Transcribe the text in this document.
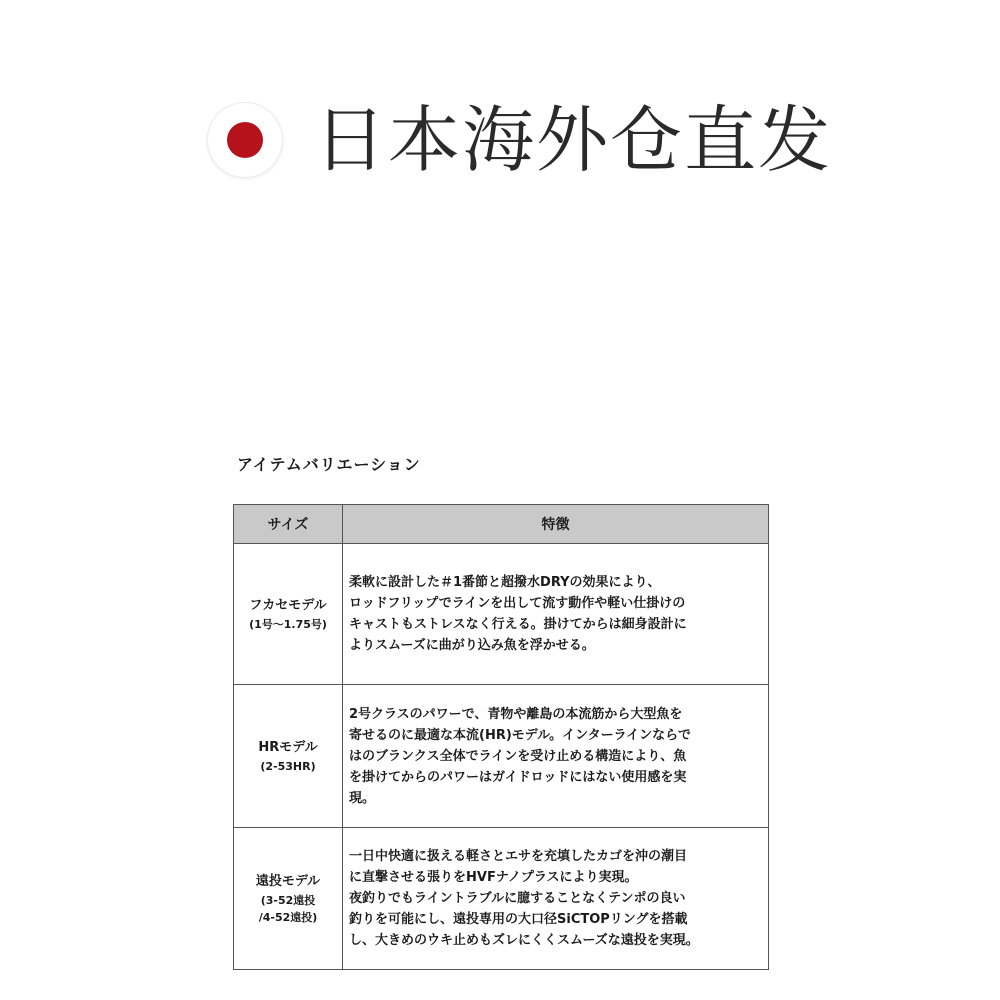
日本海外仓直发
アイテムバリエーション
サイズ	特徴

フカセモデル
(1号〜1.75号)	柔軟に設計した＃1番節と超撥水DRYの効果により、
ロッドフリップでラインを出して流す動作や軽い仕掛けの
キャストもストレスなく行える。掛けてからは細身設計に
よりスムーズに曲がり込み魚を浮かせる。

HRモデル
(2-53HR)	2号クラスのパワーで、青物や離島の本流筋から大型魚を
寄せるのに最適な本流(HR)モデル。インターラインならで
はのブランクス全体でラインを受け止める構造により、魚
を掛けてからのパワーはガイドロッドにはない使用感を実
現。

遠投モデル
(3-52遠投
/4-52遠投)	一日中快適に扱える軽さとエサを充填したカゴを沖の潮目
に直撃させる張りをHVFナノプラスにより実現。
夜釣りでもライントラブルに臆することなくテンポの良い
釣りを可能にし、遠投専用の大口径SiCTOPリングを搭載
し、大きめのウキ止めもズレにくくスムーズな遠投を実現。
